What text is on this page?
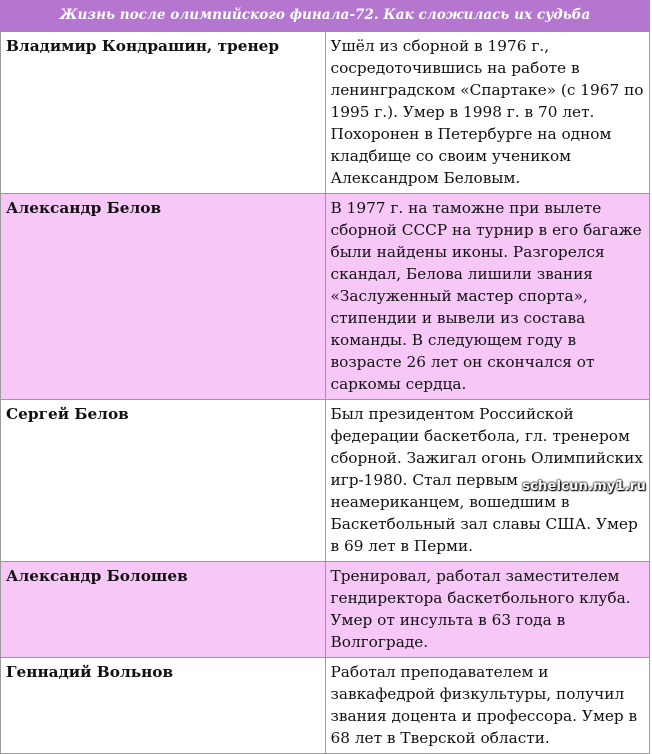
Жизнь после олимпийского финала-72. Как сложилась их судьба	
Владимир Кондрашин, тренер	Ушёл из сборной в 1976 г., сосредоточившись на работе в ленинградском «Спартаке» (с 1967 по 1995 г.). Умер в 1998 г. в 70 лет. Похоронен в Петербурге на одном кладбище со своим учеником Александром Беловым.
Александр Белов	В 1977 г. на таможне при вылете сборной СССР на турнир в его багаже были найдены иконы. Разгорелся скандал, Белова лишили звания «Заслуженный мастер спорта», стипендии и вывели из состава команды. В следующем году в возрасте 26 лет он скончался от саркомы сердца.
Сергей Белов	Был президентом Российской федерации баскетбола, гл. тренером сборной. Зажигал огонь Олимпийских игр-1980. Стал первым неамериканцем, вошедшим в Баскетбольный зал славы США. Умер в 69 лет в Перми.
Александр Болошев	Тренировал, работал заместителем гендиректора баскетбольного клуба. Умер от инсульта в 63 года в Волгограде.
Геннадий Вольнов	Работал преподавателем и завкафедрой физкультуры, получил звания доцента и профессора. Умер в 68 лет в Тверской области.
schelcun.my1.ru
